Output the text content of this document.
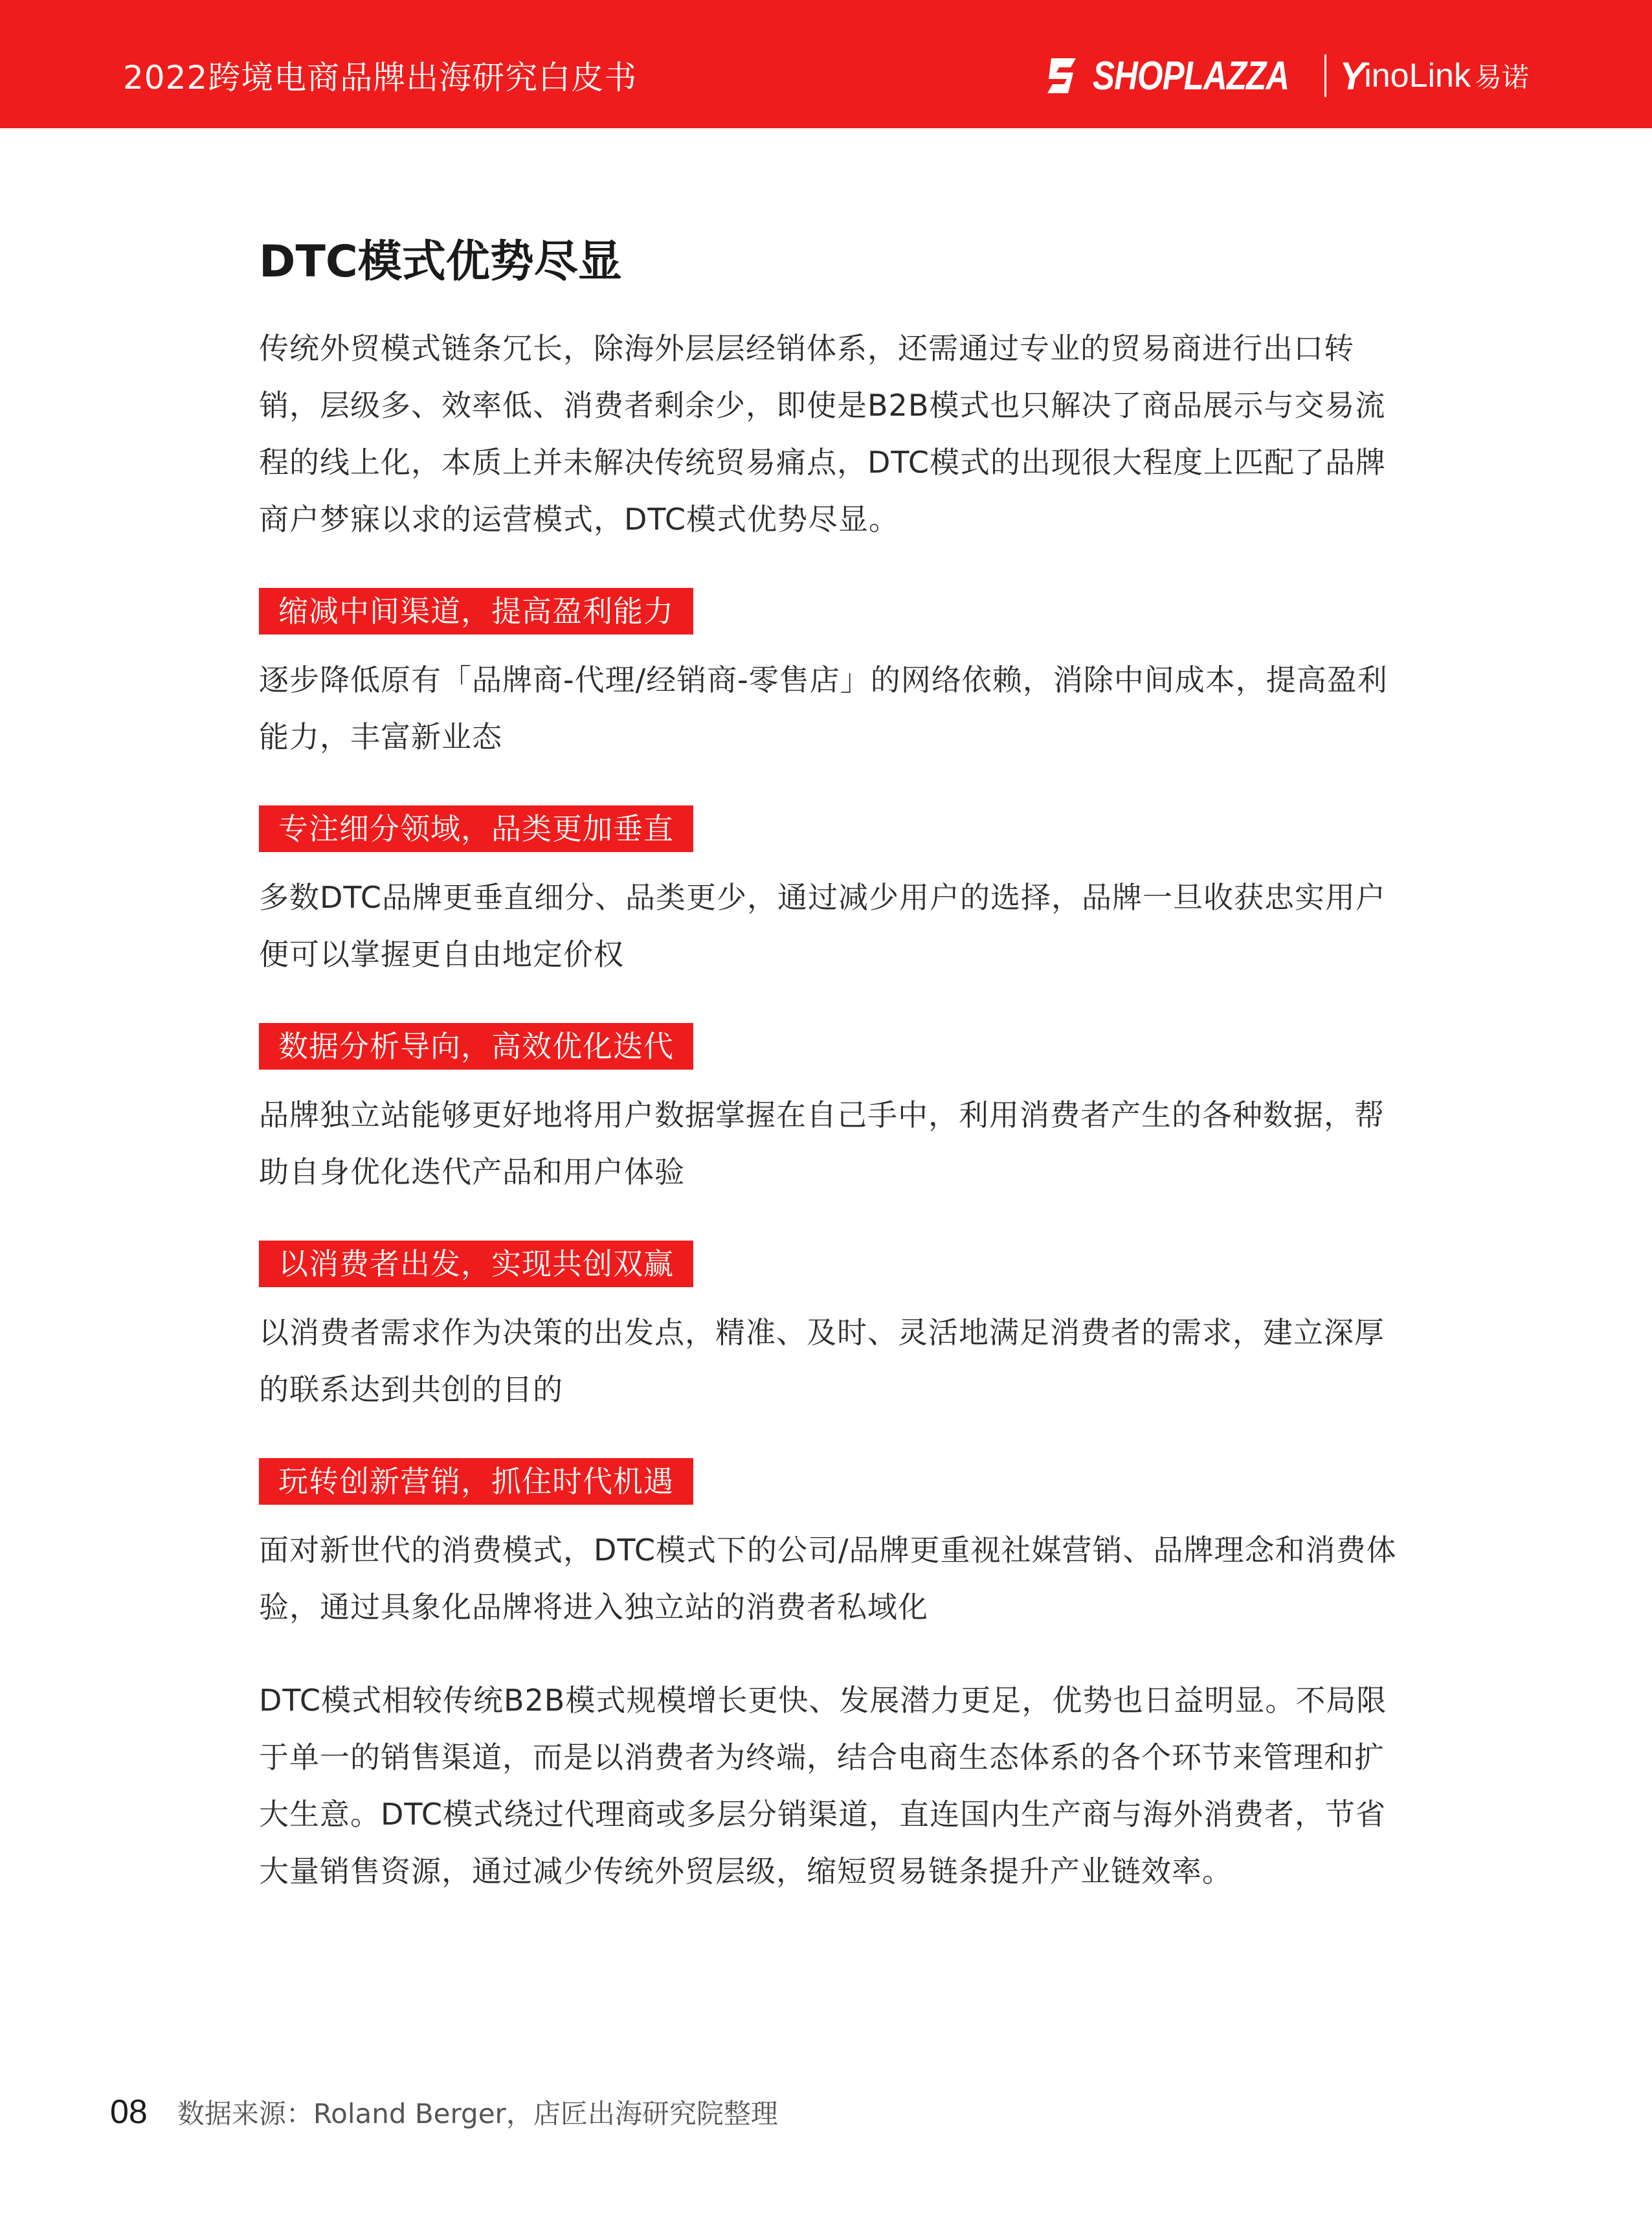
2022跨境电商品牌出海研究白皮书	SHOPLAZZA Y
inoLink 易诺
DTC模式优势尽显

传统外贸模式链条冗长，除海外层层经销体系，还需通过专业的贸易商进行出口转销，层级多、效率低、消费者剩余少，即使是B2B模式也只解决了商品展示与交易流程的线上化，本质上并未解决传统贸易痛点，DTC模式的出现很大程度上匹配了品牌商户梦寐以求的运营模式，DTC模式优势尽显。

缩减中间渠道，提高盈利能力

逐步降低原有「品牌商-代理/经销商-零售店」的网络依赖，消除中间成本，提高盈利能力，丰富新业态

专注细分领域，品类更加垂直

多数DTC品牌更垂直细分、品类更少，通过减少用户的选择，品牌一旦收获忠实用户便可以掌握更自由地定价权

数据分析导向，高效优化迭代

品牌独立站能够更好地将用户数据掌握在自己手中，利用消费者产生的各种数据，帮助自身优化迭代产品和用户体验

以消费者出发，实现共创双赢

以消费者需求作为决策的出发点，精准、及时、灵活地满足消费者的需求，建立深厚的联系达到共创的目的

玩转创新营销，抓住时代机遇

面对新世代的消费模式，DTC模式下的公司/品牌更重视社媒营销、品牌理念和消费体验，通过具象化品牌将进入独立站的消费者私域化

DTC模式相较传统B2B模式规模增长更快、发展潜力更足，优势也日益明显。不局限于单一的销售渠道，而是以消费者为终端，结合电商生态体系的各个环节来管理和扩大生意。DTC模式绕过代理商或多层分销渠道，直连国内生产商与海外消费者，节省大量销售资源，通过减少传统外贸层级，缩短贸易链条提升产业链效率。

08 数据来源：Roland Berger，店匠出海研究院整理
